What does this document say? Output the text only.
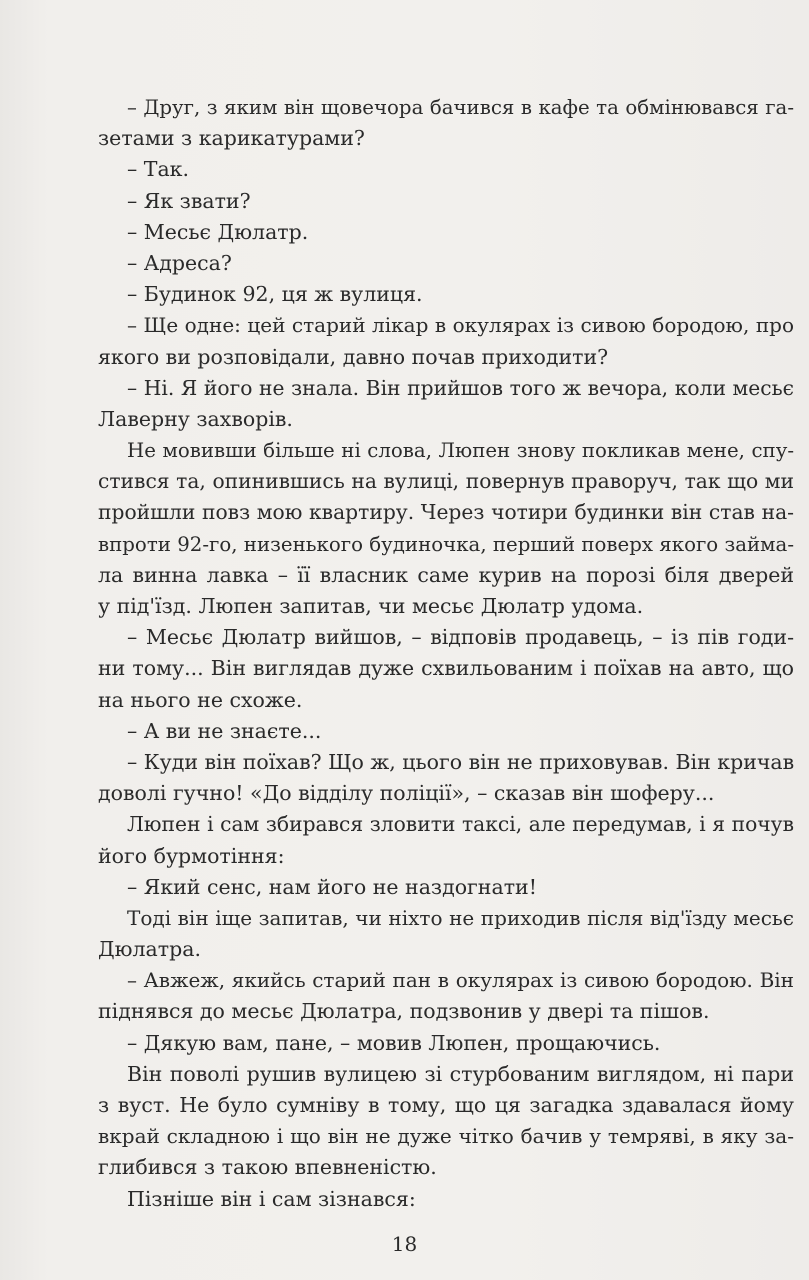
– Друг, з яким він щовечора бачився в кафе та обмінювався га-
зетами з карикатурами?
– Так.
– Як звати?
– Месьє Дюлатр.
– Адреса?
– Будинок 92, ця ж вулиця.
– Ще одне: цей старий лікар в окулярах із сивою бородою, про
якого ви розповідали, давно почав приходити?
– Ні. Я його не знала. Він прийшов того ж вечора, коли месьє
Лаверну захворів.
Не мовивши більше ні слова, Люпен знову покликав мене, спу-
стився та, опинившись на вулиці, повернув праворуч, так що ми
пройшли повз мою квартиру. Через чотири будинки він став на-
впроти 92-го, низенького будиночка, перший поверх якого займа-
ла винна лавка – її власник саме курив на порозі біля дверей
у під'їзд. Люпен запитав, чи месьє Дюлатр удома.
– Месьє Дюлатр вийшов, – відповів продавець, – із пів годи-
ни тому... Він виглядав дуже схвильованим і поїхав на авто, що
на нього не схоже.
– А ви не знаєте...
– Куди він поїхав? Що ж, цього він не приховував. Він кричав
доволі гучно! «До відділу поліції», – сказав він шоферу...
Люпен і сам збирався зловити таксі, але передумав, і я почув
його бурмотіння:
– Який сенс, нам його не наздогнати!
Тоді він іще запитав, чи ніхто не приходив після від'їзду месьє
Дюлатра.
– Авжеж, якийсь старий пан в окулярах із сивою бородою. Він
піднявся до месьє Дюлатра, подзвонив у двері та пішов.
– Дякую вам, пане, – мовив Люпен, прощаючись.
Він поволі рушив вулицею зі стурбованим виглядом, ні пари
з вуст. Не було сумніву в тому, що ця загадка здавалася йому
вкрай складною і що він не дуже чітко бачив у темряві, в яку за-
глибився з такою впевненістю.
Пізніше він і сам зізнався:
18
